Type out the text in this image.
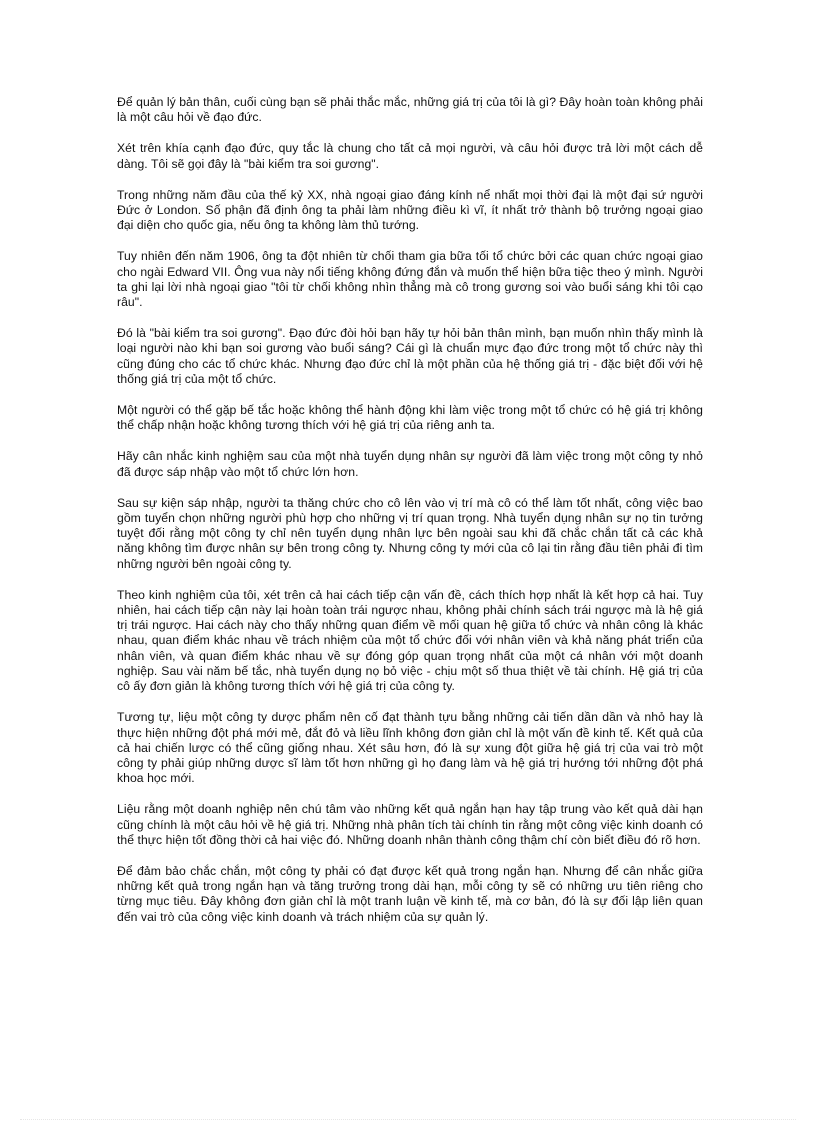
Để quản lý bản thân, cuối cùng bạn sẽ phải thắc mắc, những giá trị của tôi là gì? Đây hoàn toàn không phải là một câu hỏi về đạo đức.

Xét trên khía cạnh đạo đức, quy tắc là chung cho tất cả mọi người, và câu hỏi được trả lời một cách dễ dàng. Tôi sẽ gọi đây là "bài kiểm tra soi gương".

Trong những năm đầu của thế kỷ XX, nhà ngoại giao đáng kính nể nhất mọi thời đại là một đại sứ người Đức ở London. Số phận đã định ông ta phải làm những điều kì vĩ, ít nhất trở thành bộ trưởng ngoại giao đại diện cho quốc gia, nếu ông ta không làm thủ tướng.

Tuy nhiên đến năm 1906, ông ta đột nhiên từ chối tham gia bữa tối tổ chức bởi các quan chức ngoại giao cho ngài Edward VII. Ông vua này nổi tiếng không đứng đắn và muốn thể hiện bữa tiệc theo ý mình. Người ta ghi lại lời nhà ngoại giao "tôi từ chối không nhìn thẳng mà cô trong gương soi vào buổi sáng khi tôi cạo râu".

Đó là "bài kiểm tra soi gương". Đạo đức đòi hỏi bạn hãy tự hỏi bản thân mình, bạn muốn nhìn thấy mình là loại người nào khi bạn soi gương vào buổi sáng? Cái gì là chuẩn mực đạo đức trong một tổ chức này thì cũng đúng cho các tổ chức khác. Nhưng đạo đức chỉ là một phần của hệ thống giá trị - đặc biệt đối với hệ thống giá trị của một tổ chức.

Một người có thể gặp bế tắc hoặc không thể hành động khi làm việc trong một tổ chức có hệ giá trị không thể chấp nhận hoặc không tương thích với hệ giá trị của riêng anh ta.

Hãy cân nhắc kinh nghiệm sau của một nhà tuyển dụng nhân sự người đã làm việc trong một công ty nhỏ đã được sáp nhập vào một tổ chức lớn hơn.

Sau sự kiện sáp nhập, người ta thăng chức cho cô lên vào vị trí mà cô có thể làm tốt nhất, công việc bao gồm tuyển chọn những người phù hợp cho những vị trí quan trọng. Nhà tuyển dụng nhân sự nọ tin tưởng tuyệt đối rằng một công ty chỉ nên tuyển dụng nhân lực bên ngoài sau khi đã chắc chắn tất cả các khả năng không tìm được nhân sự bên trong công ty. Nhưng công ty mới của cô lại tin rằng đầu tiên phải đi tìm những người bên ngoài công ty.

Theo kinh nghiệm của tôi, xét trên cả hai cách tiếp cận vấn đề, cách thích hợp nhất là kết hợp cả hai. Tuy nhiên, hai cách tiếp cận này lại hoàn toàn trái ngược nhau, không phải chính sách trái ngược mà là hệ giá trị trái ngược. Hai cách này cho thấy những quan điểm về mối quan hệ giữa tổ chức và nhân công là khác nhau, quan điểm khác nhau về trách nhiệm của một tổ chức đối với nhân viên và khả năng phát triển của nhân viên, và quan điểm khác nhau về sự đóng góp quan trọng nhất của một cá nhân với một doanh nghiệp. Sau vài năm bế tắc, nhà tuyển dụng nọ bỏ việc - chịu một số thua thiệt về tài chính. Hệ giá trị của cô ấy đơn giản là không tương thích với hệ giá trị của công ty.

Tương tự, liệu một công ty dược phẩm nên cố đạt thành tựu bằng những cải tiến dần dần và nhỏ hay là thực hiện những đột phá mới mẻ, đắt đỏ và liều lĩnh không đơn giản chỉ là một vấn đề kinh tế. Kết quả của cả hai chiến lược có thể cũng giống nhau. Xét sâu hơn, đó là sự xung đột giữa hệ giá trị của vai trò một công ty phải giúp những dược sĩ làm tốt hơn những gì họ đang làm và hệ giá trị hướng tới những đột phá khoa học mới.

Liệu rằng một doanh nghiệp nên chú tâm vào những kết quả ngắn hạn hay tập trung vào kết quả dài hạn cũng chính là một câu hỏi về hệ giá trị. Những nhà phân tích tài chính tin rằng một công việc kinh doanh có thể thực hiện tốt đồng thời cả hai việc đó. Những doanh nhân thành công thậm chí còn biết điều đó rõ hơn.

Để đảm bảo chắc chắn, một công ty phải có đạt được kết quả trong ngắn hạn. Nhưng để cân nhắc giữa những kết quả trong ngắn hạn và tăng trưởng trong dài hạn, mỗi công ty sẽ có những ưu tiên riêng cho từng mục tiêu. Đây không đơn giản chỉ là một tranh luận về kinh tế, mà cơ bản, đó là sự đối lập liên quan đến vai trò của công việc kinh doanh và trách nhiệm của sự quản lý.
